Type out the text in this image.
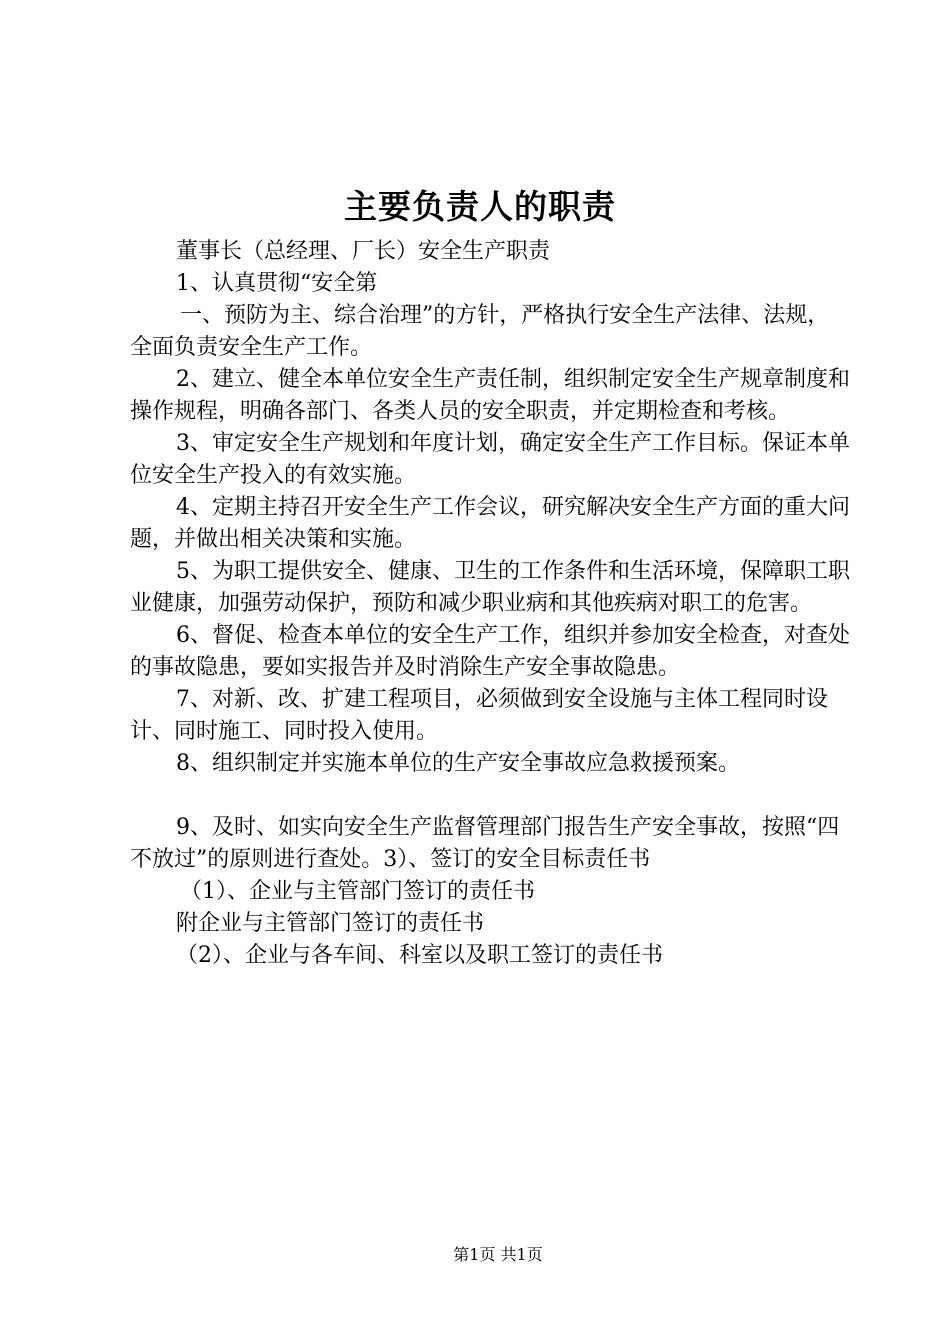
主要负责人的职责

董事长（总经理、厂长）安全生产职责

1、认真贯彻“安全第

一、预防为主、综合治理”的方针，严格执行安全生产法律、法规，全面负责安全生产工作。

2、建立、健全本单位安全生产责任制，组织制定安全生产规章制度和操作规程，明确各部门、各类人员的安全职责，并定期检查和考核。

3、审定安全生产规划和年度计划，确定安全生产工作目标。保证本单位安全生产投入的有效实施。

4、定期主持召开安全生产工作会议，研究解决安全生产方面的重大问题，并做出相关决策和实施。

5、为职工提供安全、健康、卫生的工作条件和生活环境，保障职工职业健康，加强劳动保护，预防和减少职业病和其他疾病对职工的危害。

6、督促、检查本单位的安全生产工作，组织并参加安全检查，对查处的事故隐患，要如实报告并及时消除生产安全事故隐患。

7、对新、改、扩建工程项目，必须做到安全设施与主体工程同时设计、同时施工、同时投入使用。

8、组织制定并实施本单位的生产安全事故应急救援预案。

9、及时、如实向安全生产监督管理部门报告生产安全事故，按照“四不放过”的原则进行查处。3）、签订的安全目标责任书

（1）、企业与主管部门签订的责任书

附企业与主管部门签订的责任书

（2）、企业与各车间、科室以及职工签订的责任书

第1页 共1页
